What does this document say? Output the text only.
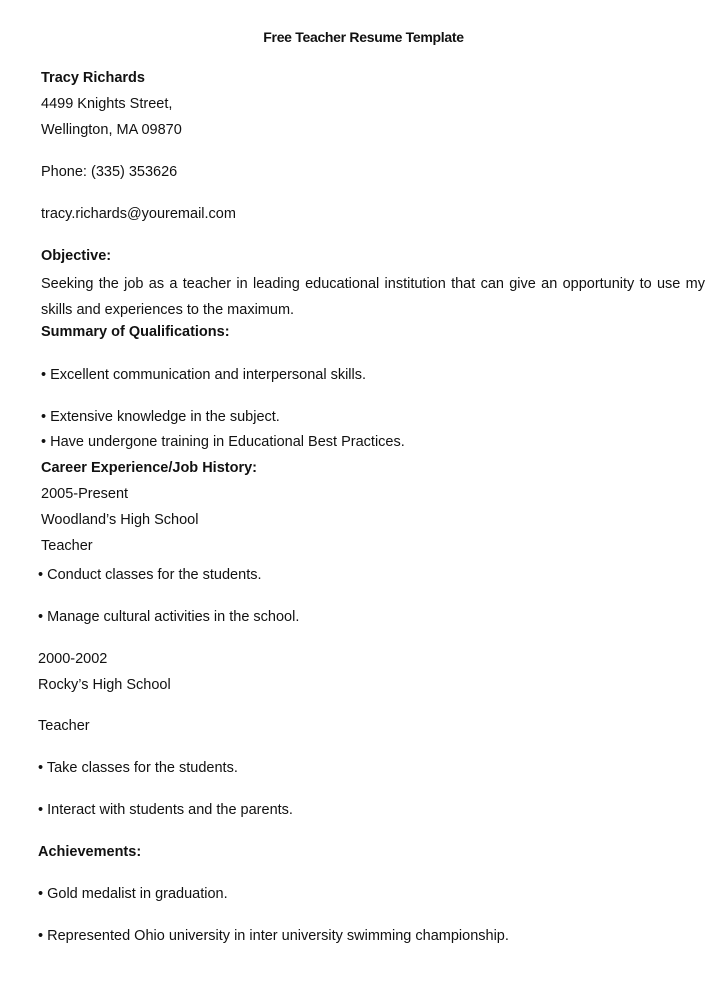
Free Teacher Resume Template
Tracy Richards
4499 Knights Street,
Wellington, MA 09870
Phone: (335) 353626
tracy.richards@youremail.com
Objective:
Seeking the job as a teacher in leading educational institution that can give an opportunity to use my skills and experiences to the maximum.
Summary of Qualifications:
• Excellent communication and interpersonal skills.
• Extensive knowledge in the subject.
• Have undergone training in Educational Best Practices.
Career Experience/Job History:
2005-Present
Woodland’s High School
Teacher
• Conduct classes for the students.
• Manage cultural activities in the school.
2000-2002
Rocky’s High School
Teacher
• Take classes for the students.
• Interact with students and the parents.
Achievements:
• Gold medalist in graduation.
• Represented Ohio university in inter university swimming championship.
